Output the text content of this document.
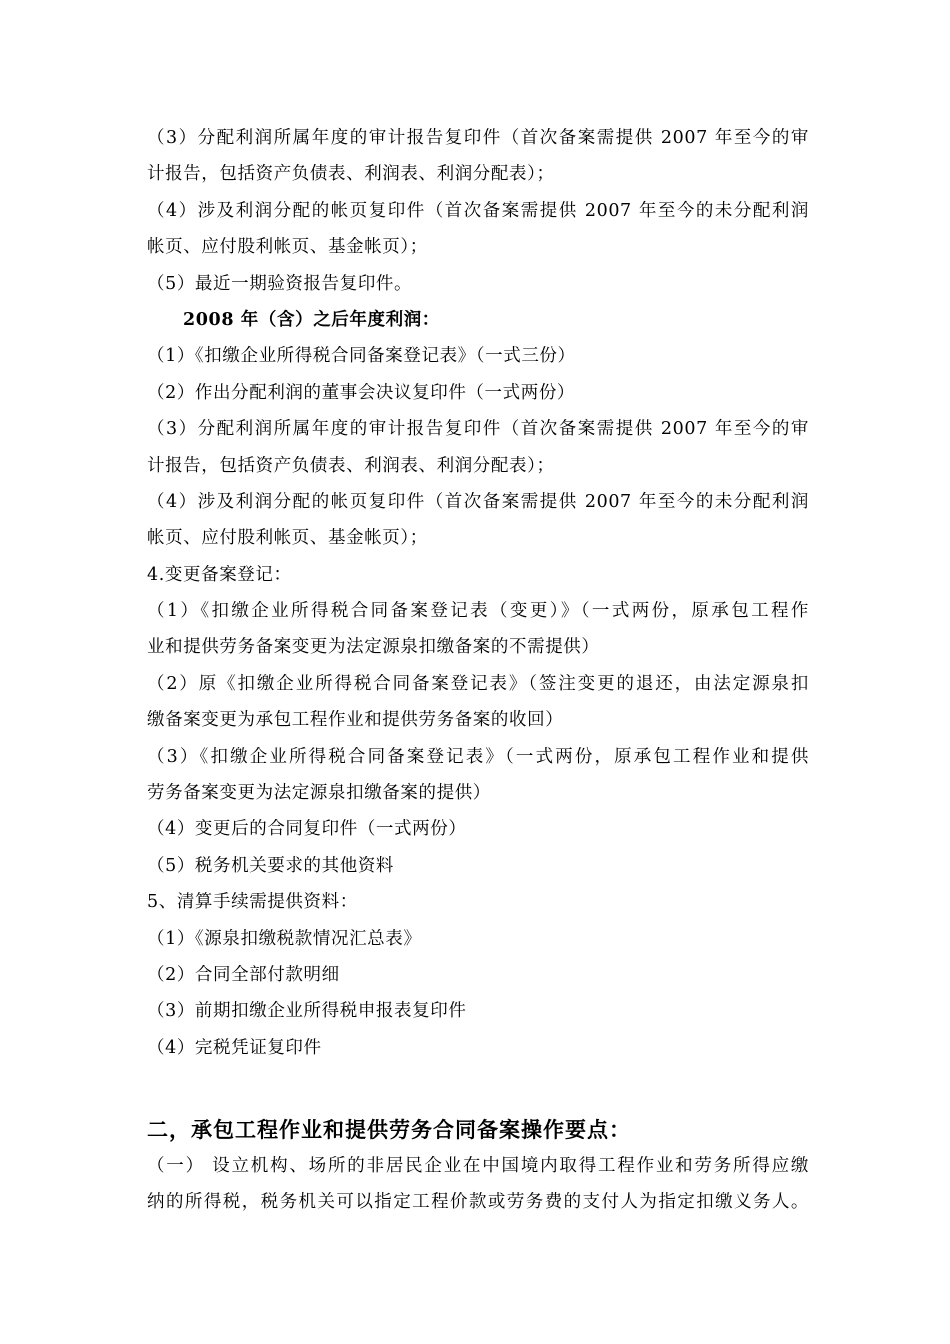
（3）分配利润所属年度的审计报告复印件（首次备案需提供 2007 年至今的审
计报告，包括资产负债表、利润表、利润分配表）；
（4）涉及利润分配的帐页复印件（首次备案需提供 2007 年至今的未分配利润
帐页、应付股利帐页、基金帐页）；
（5）最近一期验资报告复印件。
2008 年（含）之后年度利润：
（1）《扣缴企业所得税合同备案登记表》（一式三份）
（2）作出分配利润的董事会决议复印件（一式两份）
（3）分配利润所属年度的审计报告复印件（首次备案需提供 2007 年至今的审
计报告，包括资产负债表、利润表、利润分配表）；
（4）涉及利润分配的帐页复印件（首次备案需提供 2007 年至今的未分配利润
帐页、应付股利帐页、基金帐页）；
4.变更备案登记：
（1）《扣缴企业所得税合同备案登记表（变更）》（一式两份，原承包工程作
业和提供劳务备案变更为法定源泉扣缴备案的不需提供）
（2）原《扣缴企业所得税合同备案登记表》（签注变更的退还，由法定源泉扣
缴备案变更为承包工程作业和提供劳务备案的收回）
（3）《扣缴企业所得税合同备案登记表》（一式两份，原承包工程作业和提供
劳务备案变更为法定源泉扣缴备案的提供）
（4）变更后的合同复印件（一式两份）
（5）税务机关要求的其他资料
5、清算手续需提供资料：
（1）《源泉扣缴税款情况汇总表》
（2）合同全部付款明细
（3）前期扣缴企业所得税申报表复印件
（4）完税凭证复印件
二，承包工程作业和提供劳务合同备案操作要点：
（一） 设立机构、场所的非居民企业在中国境内取得工程作业和劳务所得应缴
纳的所得税，税务机关可以指定工程价款或劳务费的支付人为指定扣缴义务人。
